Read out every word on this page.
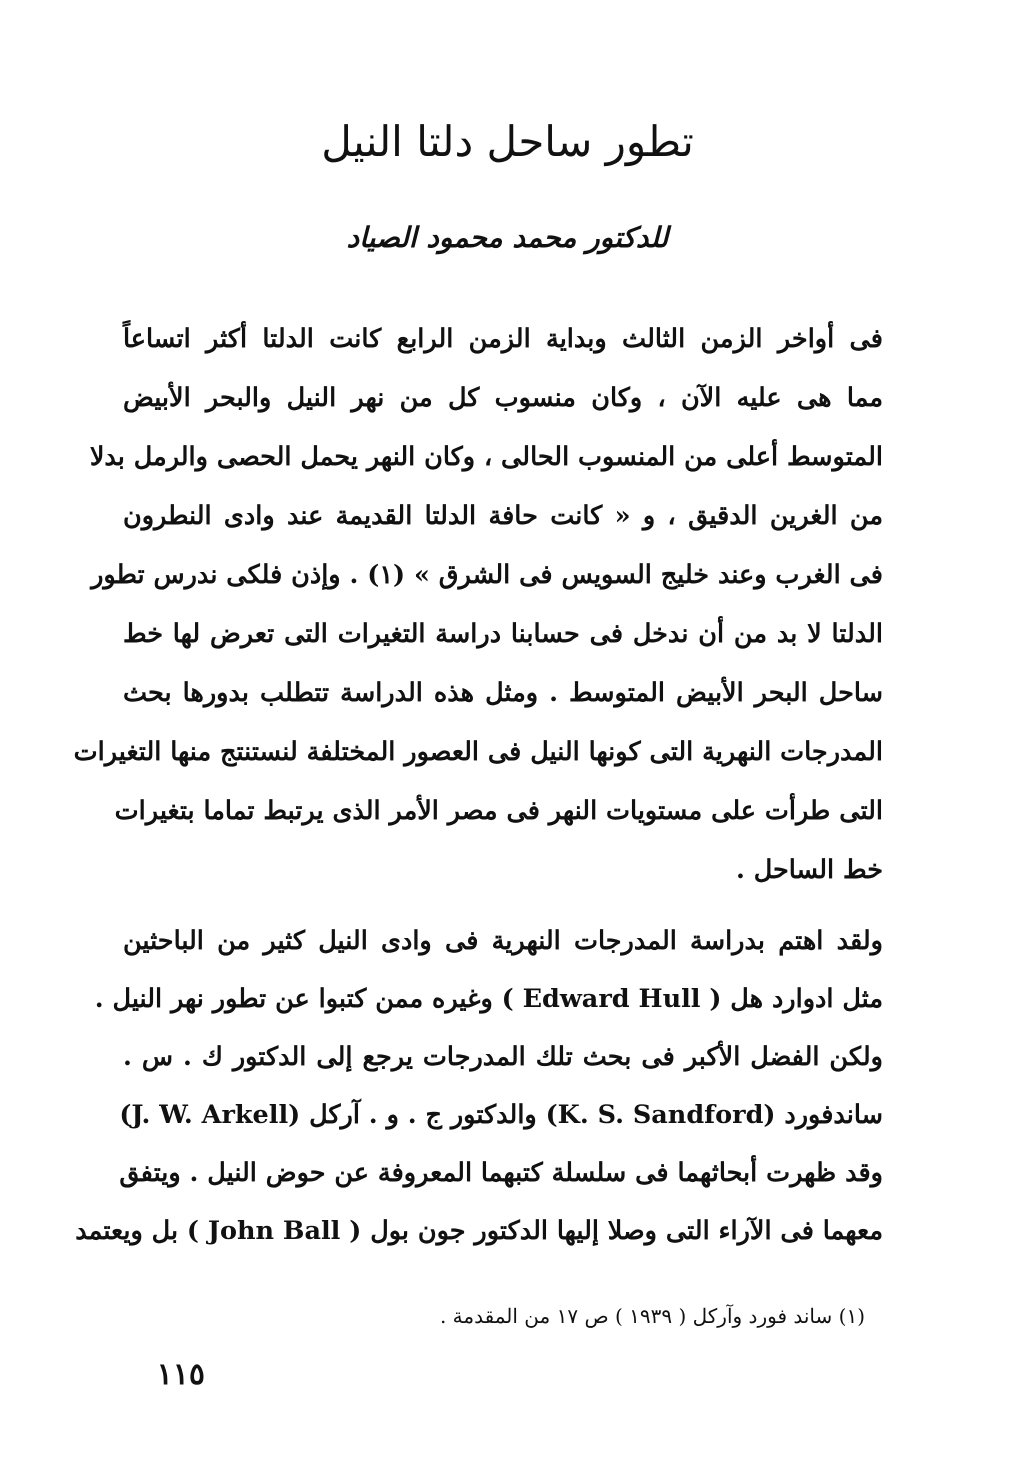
تطور ساحل دلتا النيل
للدكتور محمد محمود الصياد
فى أواخر الزمن الثالث وبداية الزمن الرابع كانت الدلتا أكثر اتساعاً
مما هى عليه الآن ، وكان منسوب كل من نهر النيل والبحر الأبيض
المتوسط أعلى من المنسوب الحالى ، وكان النهر يحمل الحصى والرمل بدلا
من الغرين الدقيق ، و « كانت حافة الدلتا القديمة عند وادى النطرون
فى الغرب وعند خليج السويس فى الشرق » (١) . وإذن فلكى ندرس تطور
الدلتا لا بد من أن ندخل فى حسابنا دراسة التغيرات التى تعرض لها خط
ساحل البحر الأبيض المتوسط . ومثل هذه الدراسة تتطلب بدورها بحث
المدرجات النهرية التى كونها النيل فى العصور المختلفة لنستنتج منها التغيرات
التى طرأت على مستويات النهر فى مصر الأمر الذى يرتبط تماما بتغيرات
خط الساحل .
ولقد اهتم بدراسة المدرجات النهرية فى وادى النيل كثير من الباحثين
مثل ادوارد هل ( Edward Hull ) وغيره ممن كتبوا عن تطور نهر النيل .
ولكن الفضل الأكبر فى بحث تلك المدرجات يرجع إلى الدكتور ك . س .
ساندفورد (K. S. Sandford) والدكتور ج . و . آركل (J. W. Arkell)
وقد ظهرت أبحاثهما فى سلسلة كتبهما المعروفة عن حوض النيل . ويتفق
معهما فى الآراء التى وصلا إليها الدكتور جون بول ( John Ball ) بل ويعتمد

(١) ساند فورد وآركل ( ١٩٣٩ ) ص ١٧ من المقدمة .

١١٥
